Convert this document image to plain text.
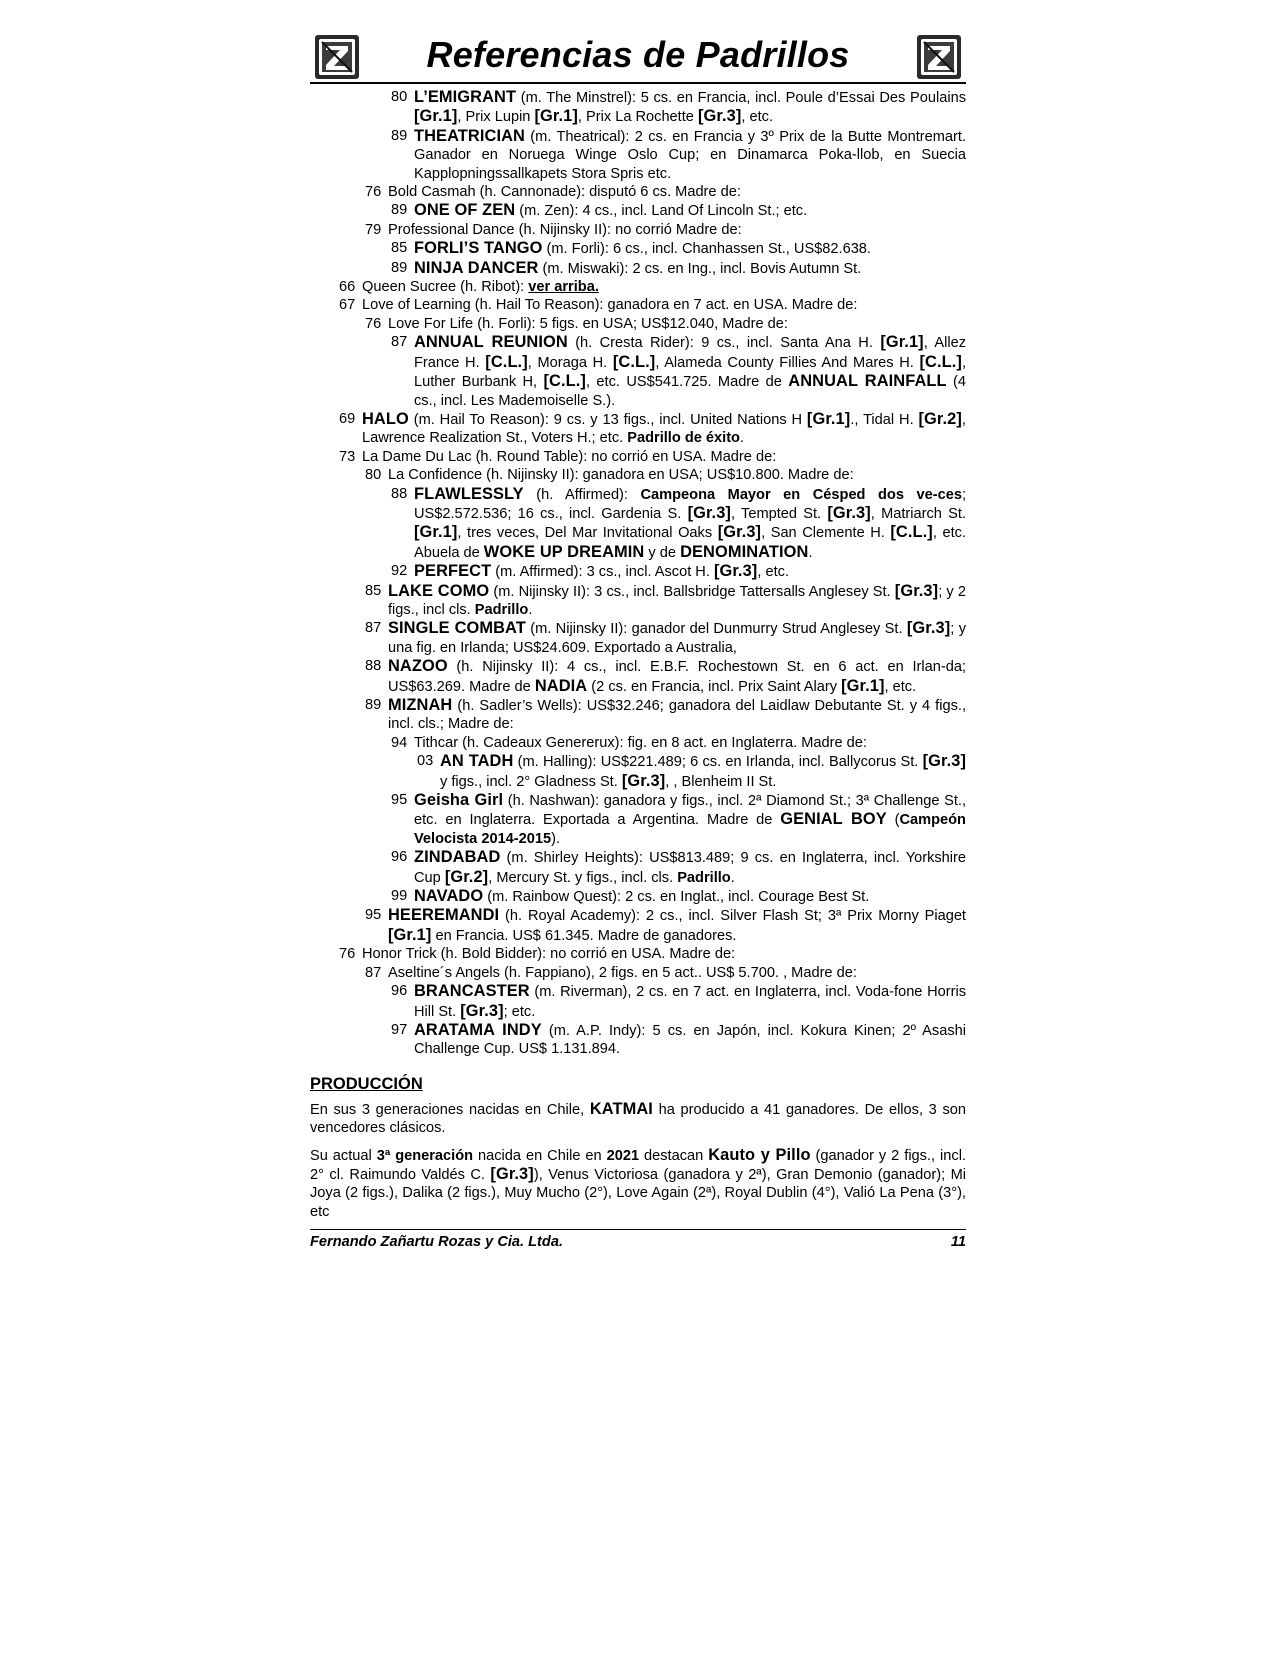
Referencias de Padrillos
80 L’EMIGRANT (m. The Minstrel): 5 cs. en Francia, incl. Poule d’Essai Des Poulains [Gr.1], Prix Lupin [Gr.1], Prix La Rochette [Gr.3], etc.
89 THEATRICIAN (m. Theatrical): 2 cs. en Francia y 3º Prix de la Butte Montremart. Ganador en Noruega Winge Oslo Cup; en Dinamarca Poka-llob, en Suecia Kapplopningssallkapets Stora Spris etc.
76 Bold Casmah (h. Cannonade): disputó 6 cs. Madre de:
89 ONE OF ZEN (m. Zen): 4 cs., incl. Land Of Lincoln St.; etc.
79 Professional Dance (h. Nijinsky II): no corrió Madre de:
85 FORLI’S TANGO (m. Forli): 6 cs., incl. Chanhassen St., US$82.638.
89 NINJA DANCER (m. Miswaki): 2 cs. en Ing., incl. Bovis Autumn St.
66 Queen Sucree (h. Ribot): ver arriba.
67 Love of Learning (h. Hail To Reason): ganadora en 7 act. en USA. Madre de:
76 Love For Life (h. Forli): 5 figs. en USA; US$12.040, Madre de:
87 ANNUAL REUNION (h. Cresta Rider): 9 cs., incl. Santa Ana H. [Gr.1], Allez France H. [C.L.], Moraga H. [C.L.], Alameda County Fillies And Mares H. [C.L.], Luther Burbank H, [C.L.], etc. US$541.725. Madre de ANNUAL RAINFALL (4 cs., incl. Les Mademoiselle S.).
69 HALO (m. Hail To Reason): 9 cs. y 13 figs., incl. United Nations H [Gr.1]., Tidal H. [Gr.2], Lawrence Realization St., Voters H.; etc. Padrillo de éxito.
73 La Dame Du Lac (h. Round Table): no corrió en USA. Madre de:
80 La Confidence (h. Nijinsky II): ganadora en USA; US$10.800. Madre de:
88 FLAWLESSLY (h. Affirmed): Campeona Mayor en Césped dos ve-ces; US$2.572.536; 16 cs., incl. Gardenia S. [Gr.3], Tempted St. [Gr.3], Matriarch St. [Gr.1], tres veces, Del Mar Invitational Oaks [Gr.3], San Clemente H. [C.L.], etc. Abuela de WOKE UP DREAMIN y de DENOMINATION.
92 PERFECT (m. Affirmed): 3 cs., incl. Ascot H. [Gr.3], etc.
85 LAKE COMO (m. Nijinsky II): 3 cs., incl. Ballsbridge Tattersalls Anglesey St. [Gr.3]; y 2 figs., incl cls. Padrillo.
87 SINGLE COMBAT (m. Nijinsky II): ganador del Dunmurry Strud Anglesey St. [Gr.3]; y una fig. en Irlanda; US$24.609. Exportado a Australia,
88 NAZOO (h. Nijinsky II): 4 cs., incl. E.B.F. Rochestown St. en 6 act. en Irlan-da; US$63.269. Madre de NADIA (2 cs. en Francia, incl. Prix Saint Alary [Gr.1], etc.
89 MIZNAH (h. Sadler’s Wells): US$32.246; ganadora del Laidlaw Debutante St. y 4 figs., incl. cls.; Madre de:
94 Tithcar (h. Cadeaux Genererux): fig. en 8 act. en Inglaterra. Madre de:
03 AN TADH (m. Halling): US$221.489; 6 cs. en Irlanda, incl. Ballycorus St. [Gr.3] y figs., incl. 2° Gladness St. [Gr.3], , Blenheim II St.
95 Geisha Girl (h. Nashwan): ganadora y figs., incl. 2ª Diamond St.; 3ª Challenge St., etc. en Inglaterra. Exportada a Argentina. Madre de GENIAL BOY (Campeón Velocista 2014-2015).
96 ZINDABAD (m. Shirley Heights): US$813.489; 9 cs. en Inglaterra, incl. Yorkshire Cup [Gr.2], Mercury St. y figs., incl. cls. Padrillo.
99 NAVADO (m. Rainbow Quest): 2 cs. en Inglat., incl. Courage Best St.
95 HEEREMANDI (h. Royal Academy): 2 cs., incl. Silver Flash St; 3ª Prix Morny Piaget [Gr.1] en Francia. US$ 61.345. Madre de ganadores.
76 Honor Trick (h. Bold Bidder): no corrió en USA. Madre de:
87 Aseltine´s Angels (h. Fappiano), 2 figs. en 5 act.. US$ 5.700. , Madre de:
96 BRANCASTER (m. Riverman), 2 cs. en 7 act. en Inglaterra, incl. Voda-fone Horris Hill St. [Gr.3]; etc.
97 ARATAMA INDY (m. A.P. Indy): 5 cs. en Japón, incl. Kokura Kinen; 2º Asashi Challenge Cup. US$ 1.131.894.
PRODUCCIÓN

En sus 3 generaciones nacidas en Chile, KATMAI ha producido a 41 ganadores. De ellos, 3 son vencedores clásicos.

Su actual 3ª generación nacida en Chile en 2021 destacan Kauto y Pillo (ganador y 2 figs., incl. 2° cl. Raimundo Valdés C. [Gr.3]), Venus Victoriosa (ganadora y 2ª), Gran Demonio (ganador); Mi Joya (2 figs.), Dalika (2 figs.), Muy Mucho (2°), Love Again (2ª), Royal Dublin (4°), Valió La Pena (3°), etc

Fernando Zañartu Rozas y Cia. Ltda.	11
